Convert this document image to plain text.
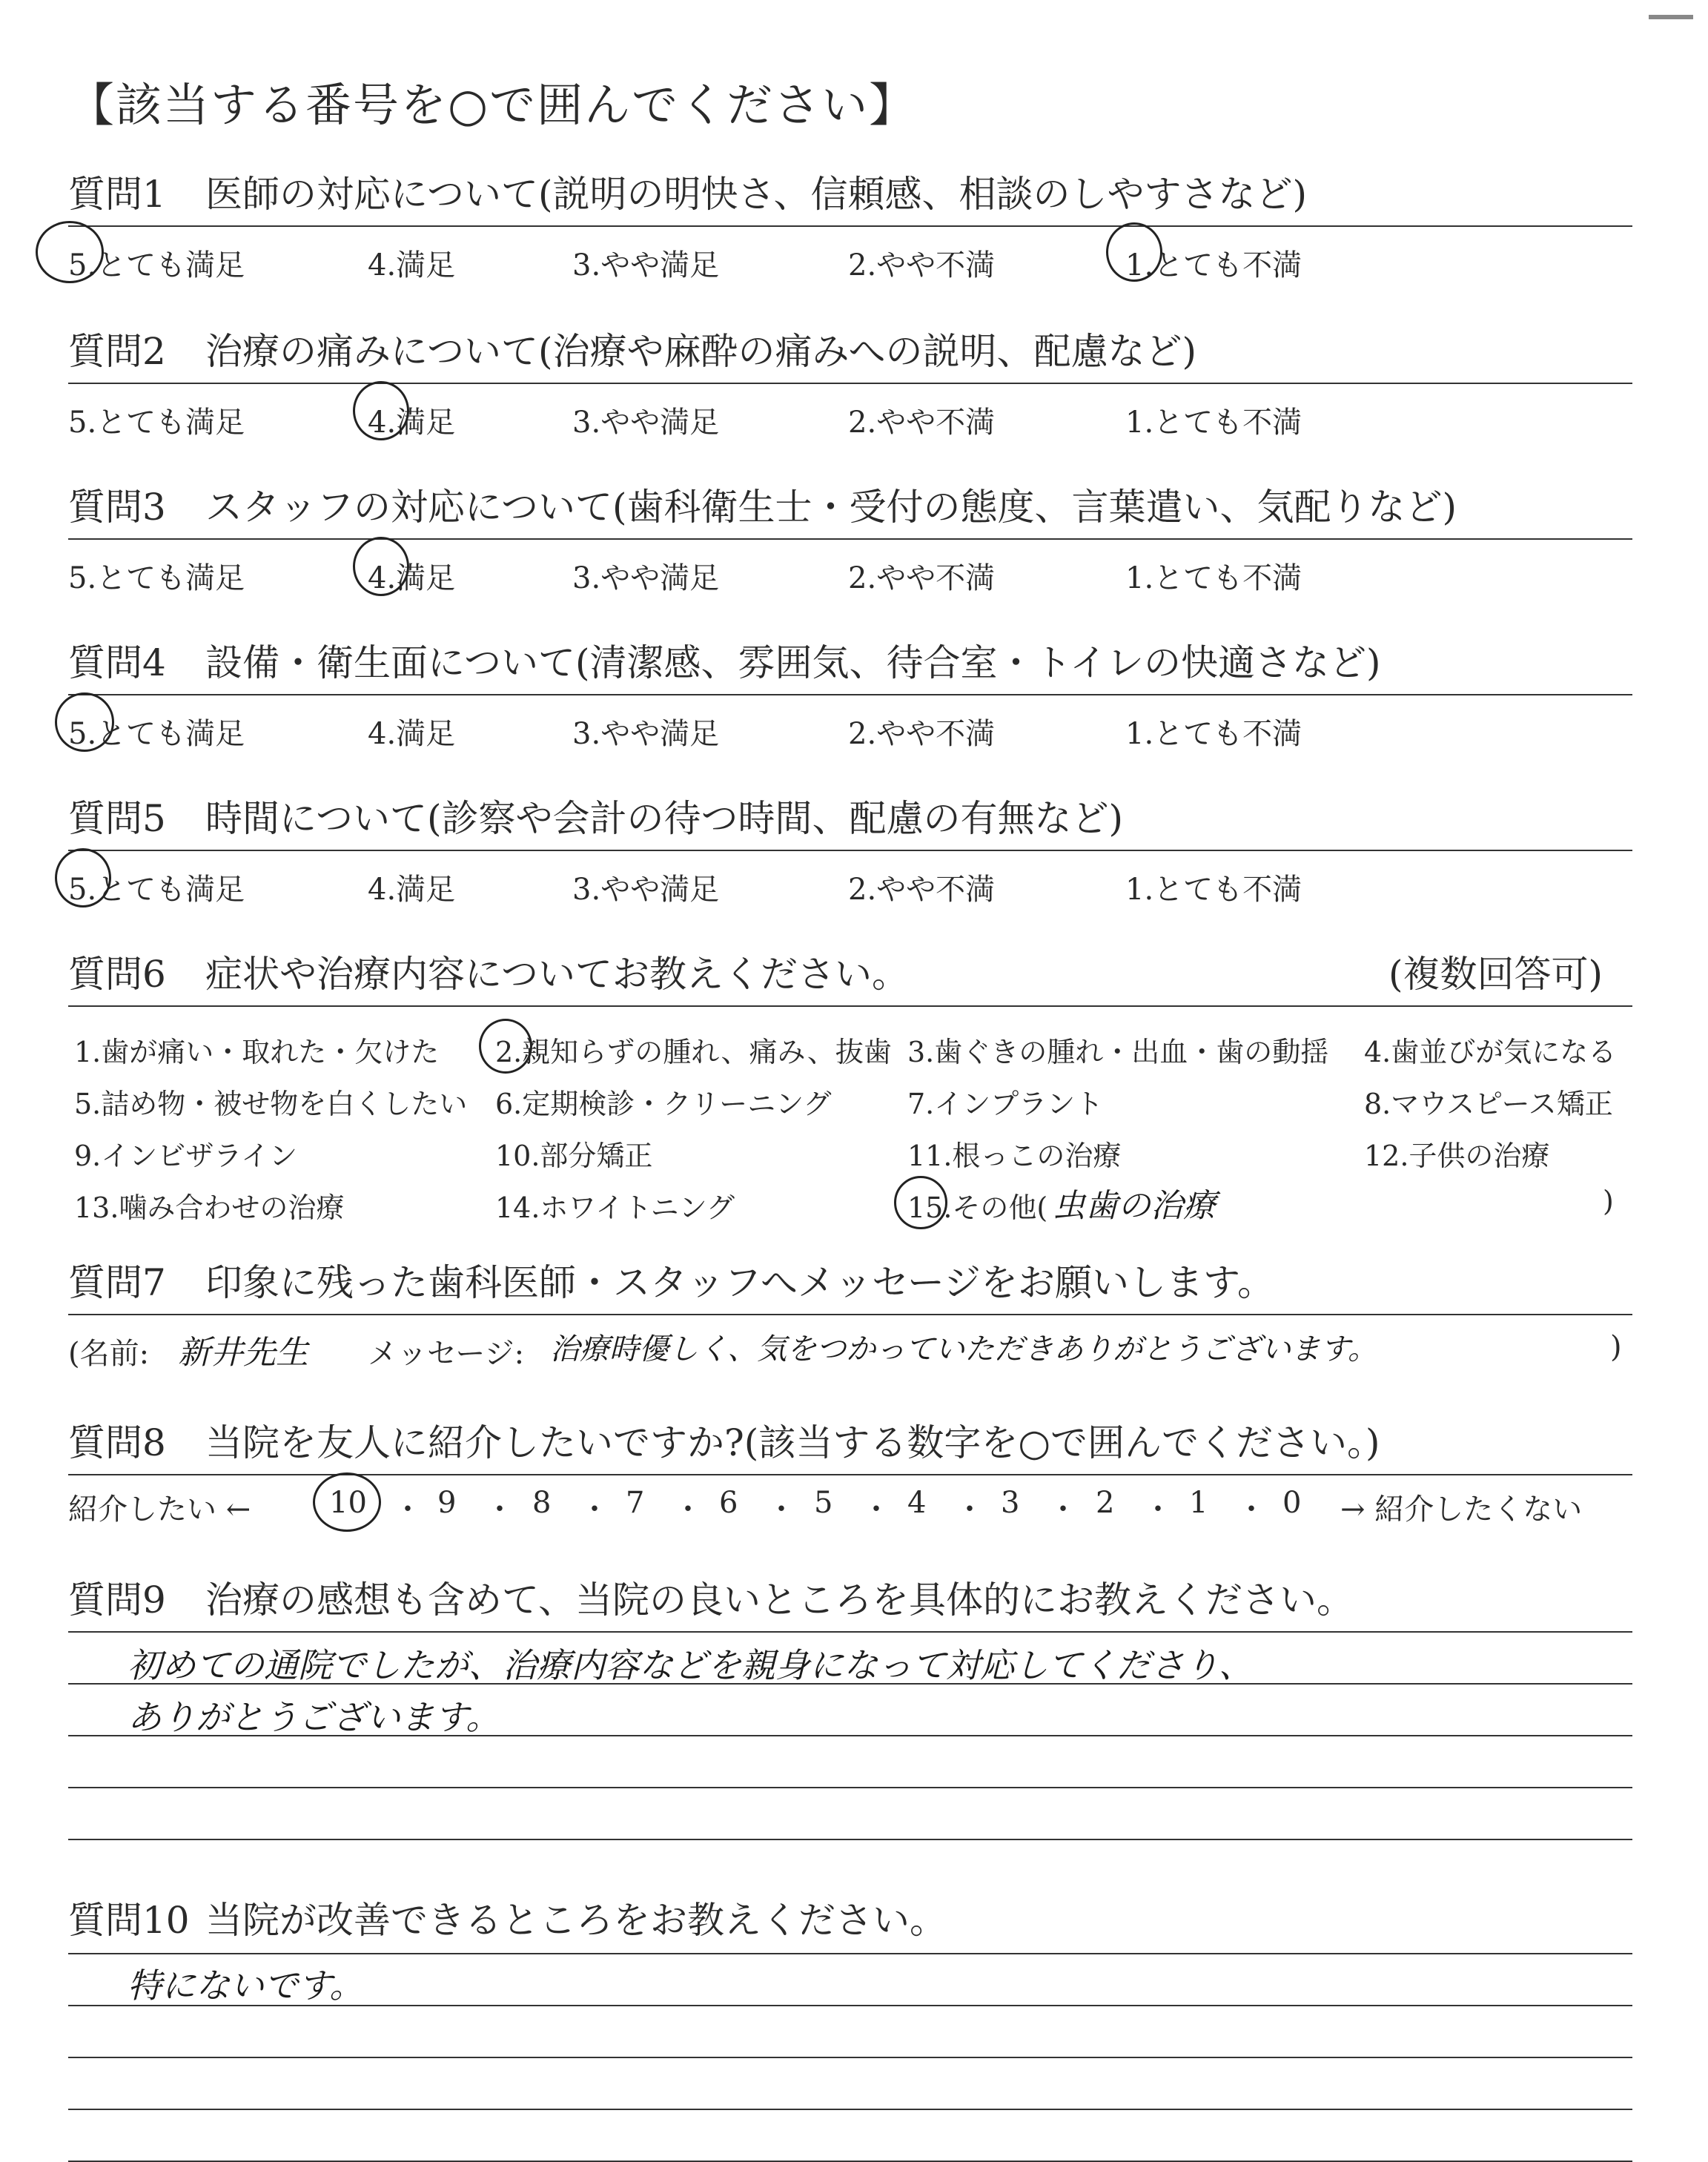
【該当する番号を○で囲んでください】
質問1 医師の対応について(説明の明快さ、信頼感、相談のしやすさなど)
5.とても満足	4.満足	3.やや満足	2.やや不満	1.とても不満
質問2 治療の痛みについて(治療や麻酔の痛みへの説明、配慮など)
5.とても満足	4.満足	3.やや満足	2.やや不満	1.とても不満
質問3 スタッフの対応について(歯科衛生士・受付の態度、言葉遣い、気配りなど)
5.とても満足	4.満足	3.やや満足	2.やや不満	1.とても不満
質問4 設備・衛生面について(清潔感、雰囲気、待合室・トイレの快適さなど)
5.とても満足	4.満足	3.やや満足	2.やや不満	1.とても不満
質問5 時間について(診察や会計の待つ時間、配慮の有無など)
5.とても満足	4.満足	3.やや満足	2.やや不満	1.とても不満
質問6 症状や治療内容についてお教えください。	(複数回答可)
1.歯が痛い・取れた・欠けた 2.親知らずの腫れ、痛み、抜歯 3.歯ぐきの腫れ・出血・歯の動揺 4.歯並びが気になる
5.詰め物・被せ物を白くしたい 6.定期検診・クリーニング	7.インプラント	8.マウスピース矯正
9.インビザライン	10.部分矯正	11.根っこの治療	12.子供の治療
13.噛み合わせの治療	14.ホワイトニング	15.その他( 虫歯の治療	)
質問7 印象に残った歯科医師・スタッフへメッセージをお願いします。
(名前: 新井先生 メッセージ: 治療時優しく、気をつかっていただきありがとうございます。	)
質問8 当院を友人に紹介したいですか?(該当する数字を○で囲んでください。)
紹介したい ←	10 ・ 9 ・ 8 ・ 7 ・ 6 ・ 5 ・ 4 ・ 3 ・ 2 ・ 1 ・ 0 → 紹介したくない
質問9 治療の感想も含めて、当院の良いところを具体的にお教えください。
初めての通院でしたが、治療内容などを親身になって対応してくださり、
ありがとうございます。
質問10 当院が改善できるところをお教えください。
特にないです。
